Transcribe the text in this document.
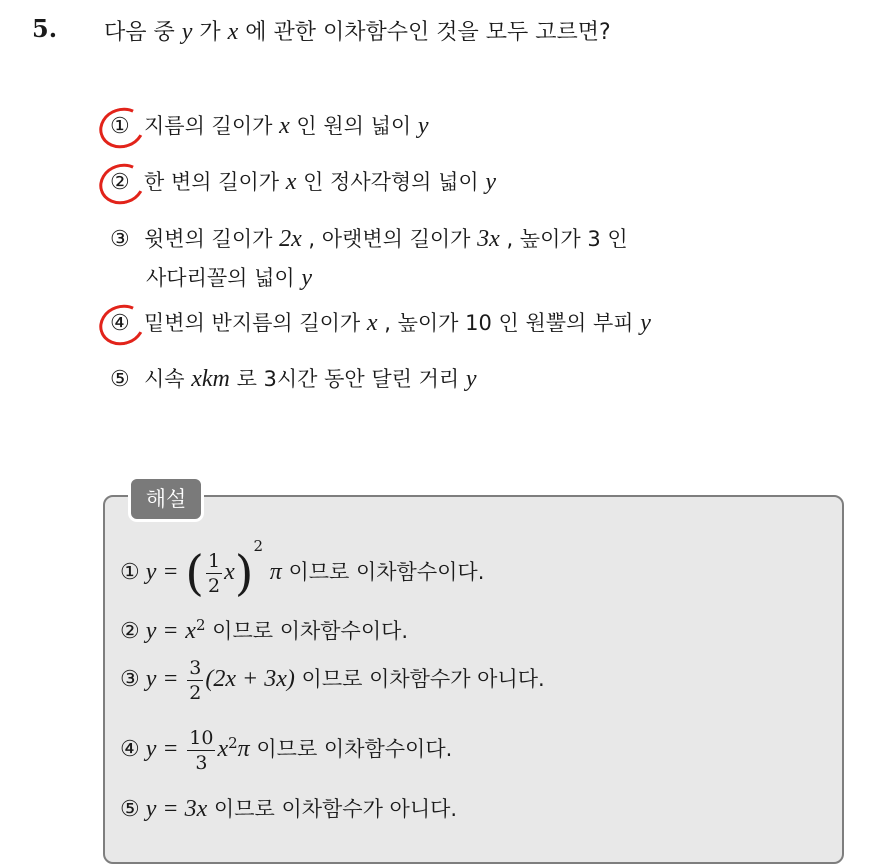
5. 다음 중 y 가 x 에 관한 이차함수인 것을 모두 고르면?
① 지름의 길이가 x 인 원의 넓이 y
② 한 변의 길이가 x 인 정사각형의 넓이 y
③ 윗변의 길이가 2x , 아랫변의 길이가 3x , 높이가 3 인
사다리꼴의 넓이 y
④ 밑변의 반지름의 길이가 x , 높이가 10 인 원뿔의 부피 y
⑤ 시속 xkm 로 3시간 동안 달린 거리 y
해설
① y = ( $\frac{1}{2} x)^2$ π 이므로 이차함수이다.
② $y = x^2$ 이므로 이차함수이다.
③ $y = \frac{3}{2} (2x + 3x)$ 이므로 이차함수가 아니다.
④ $y = \frac{10}{3} x^2\pi$ 이므로 이차함수이다.
⑤ y = 3x 이므로 이차함수가 아니다.
